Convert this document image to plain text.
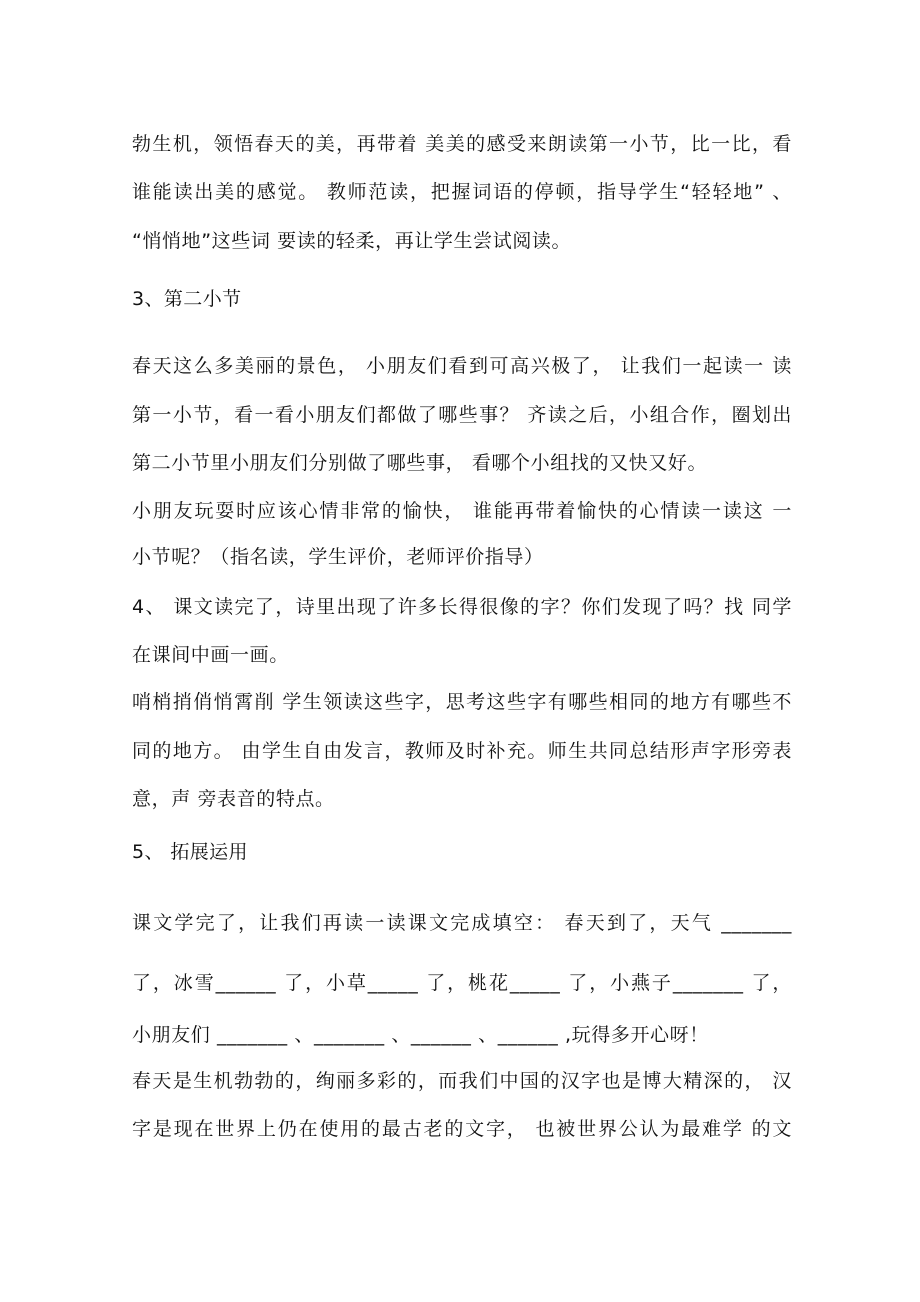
勃生机，领悟春天的美，再带着 美美的感受来朗读第一小节，比一比，看
谁能读出美的感觉。 教师范读，把握词语的停顿，指导学生“轻轻地” 、
“悄悄地”这些词 要读的轻柔，再让学生尝试阅读。
3、第二小节
春天这么多美丽的景色， 小朋友们看到可高兴极了， 让我们一起读一 读
第一小节，看一看小朋友们都做了哪些事？ 齐读之后，小组合作，圈划出
第二小节里小朋友们分别做了哪些事， 看哪个小组找的又快又好。
小朋友玩耍时应该心情非常的愉快， 谁能再带着愉快的心情读一读这 一
小节呢？（指名读，学生评价，老师评价指导）
4、 课文读完了，诗里出现了许多长得很像的字？你们发现了吗？找 同学
在课间中画一画。
哨梢捎俏悄霄削 学生领读这些字，思考这些字有哪些相同的地方有哪些不
同的地方。 由学生自由发言，教师及时补充。师生共同总结形声字形旁表
意，声 旁表音的特点。
5、 拓展运用
课文学完了，让我们再读一读课文完成填空： 春天到了，天气 _______
了，冰雪______ 了，小草_____ 了，桃花_____ 了，小燕子_______ 了，
小朋友们 _______ 、_______ 、______ 、______ ,玩得多开心呀！
春天是生机勃勃的，绚丽多彩的，而我们中国的汉字也是博大精深的， 汉
字是现在世界上仍在使用的最古老的文字， 也被世界公认为最难学 的文
